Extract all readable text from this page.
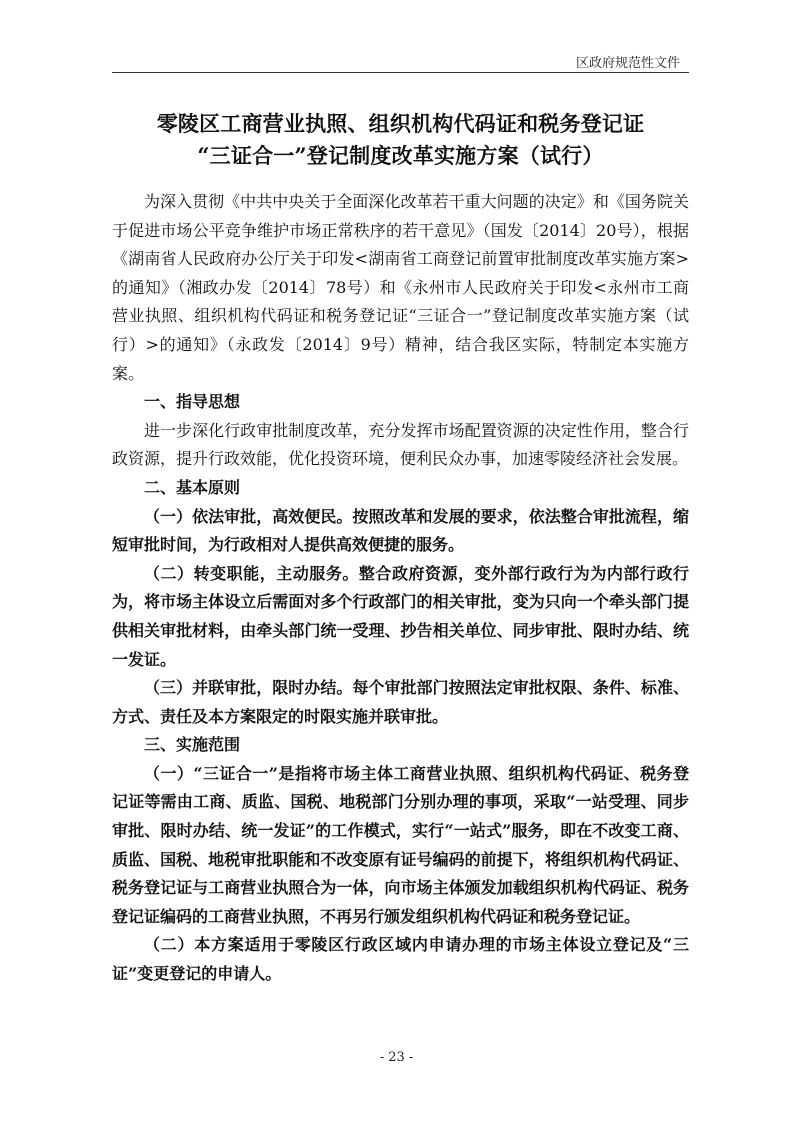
区政府规范性文件
零陵区工商营业执照、组织机构代码证和税务登记证
“三证合一”登记制度改革实施方案（试行）

为深入贯彻《中共中央关于全面深化改革若干重大问题的决定》和《国务院关于促进市场公平竞争维护市场正常秩序的若干意见》（国发〔2014〕20号），根据《湖南省人民政府办公厅关于印发<湖南省工商登记前置审批制度改革实施方案>的通知》（湘政办发〔2014〕78号）和《永州市人民政府关于印发<永州市工商营业执照、组织机构代码证和税务登记证“三证合一”登记制度改革实施方案（试行）>的通知》（永政发〔2014〕9号）精神，结合我区实际，特制定本实施方案。

一、指导思想

进一步深化行政审批制度改革，充分发挥市场配置资源的决定性作用，整合行政资源，提升行政效能，优化投资环境，便利民众办事，加速零陵经济社会发展。

二、基本原则

（一）依法审批，高效便民。按照改革和发展的要求，依法整合审批流程，缩短审批时间，为行政相对人提供高效便捷的服务。

（二）转变职能，主动服务。整合政府资源，变外部行政行为为内部行政行为，将市场主体设立后需面对多个行政部门的相关审批，变为只向一个牵头部门提供相关审批材料，由牵头部门统一受理、抄告相关单位、同步审批、限时办结、统一发证。

（三）并联审批，限时办结。每个审批部门按照法定审批权限、条件、标准、方式、责任及本方案限定的时限实施并联审批。

三、实施范围

（一）“三证合一”是指将市场主体工商营业执照、组织机构代码证、税务登记证等需由工商、质监、国税、地税部门分别办理的事项，采取“一站受理、同步审批、限时办结、统一发证”的工作模式，实行“一站式”服务，即在不改变工商、质监、国税、地税审批职能和不改变原有证号编码的前提下，将组织机构代码证、税务登记证与工商营业执照合为一体，向市场主体颁发加载组织机构代码证、税务登记证编码的工商营业执照，不再另行颁发组织机构代码证和税务登记证。

（二）本方案适用于零陵区行政区域内申请办理的市场主体设立登记及“三证”变更登记的申请人。

- 23 -
